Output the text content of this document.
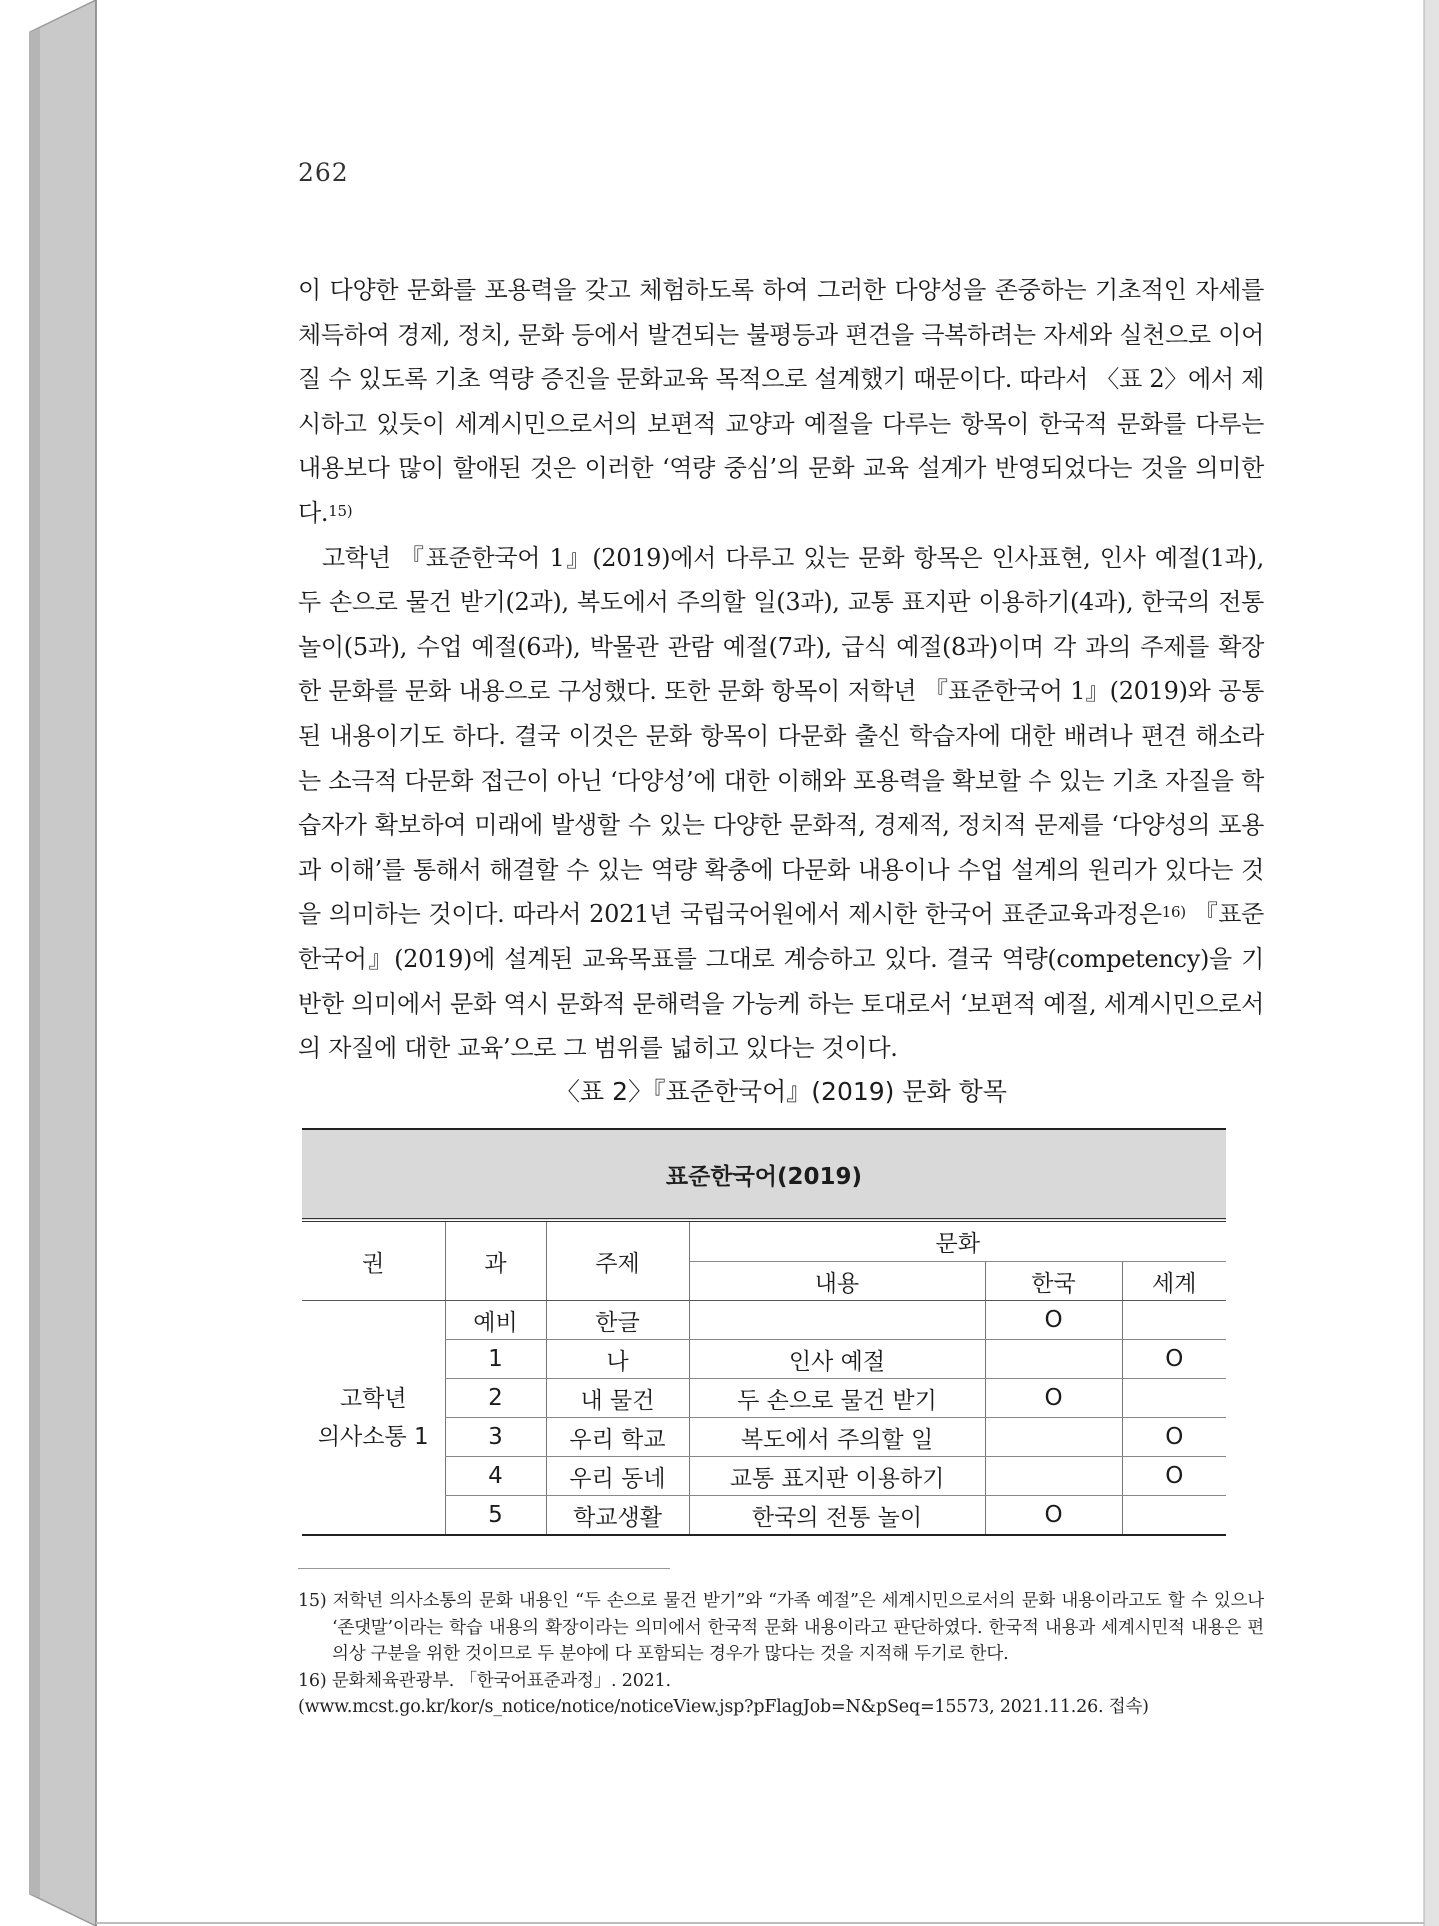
262

이 다양한 문화를 포용력을 갖고 체험하도록 하여 그러한 다양성을 존중하는 기초적인 자세를 체득하여 경제, 정치, 문화 등에서 발견되는 불평등과 편견을 극복하려는 자세와 실천으로 이어질 수 있도록 기초 역량 증진을 문화교육 목적으로 설계했기 때문이다. 따라서 〈표 2〉에서 제시하고 있듯이 세계시민으로서의 보편적 교양과 예절을 다루는 항목이 한국적 문화를 다루는 내용보다 많이 할애된 것은 이러한 ‘역량 중심’의 문화 교육 설계가 반영되었다는 것을 의미한다.$^{15)}$

고학년 『표준한국어 1』(2019)에서 다루고 있는 문화 항목은 인사표현, 인사 예절(1과), 두 손으로 물건 받기(2과), 복도에서 주의할 일(3과), 교통 표지판 이용하기(4과), 한국의 전통 놀이(5과), 수업 예절(6과), 박물관 관람 예절(7과), 급식 예절(8과)이며 각 과의 주제를 확장한 문화를 문화 내용으로 구성했다. 또한 문화 항목이 저학년 『표준한국어 1』(2019)와 공통된 내용이기도 하다. 결국 이것은 문화 항목이 다문화 출신 학습자에 대한 배려나 편견 해소라는 소극적 다문화 접근이 아닌 ‘다양성’에 대한 이해와 포용력을 확보할 수 있는 기초 자질을 학습자가 확보하여 미래에 발생할 수 있는 다양한 문화적, 경제적, 정치적 문제를 ‘다양성의 포용과 이해’를 통해서 해결할 수 있는 역량 확충에 다문화 내용이나 수업 설계의 원리가 있다는 것을 의미하는 것이다. 따라서 2021년 국립국어원에서 제시한 한국어 표준교육과정은$^{16)}$ 『표준한국어』(2019)에 설계된 교육목표를 그대로 계승하고 있다. 결국 역량(competency)을 기반한 의미에서 문화 역시 문화적 문해력을 가능케 하는 토대로서 ‘보편적 예절, 세계시민으로서의 자질에 대한 교육’으로 그 범위를 넓히고 있다는 것이다.

〈표 2〉『표준한국어』(2019) 문화 항목
표준한국어(2019)					
권	과	주제	문화		
			내용	한국	세계
고학년
의사소통 1	예비	한글		O	
	1	나	인사 예절		O
	2	내 물건	두 손으로 물건 받기	O	
	3	우리 학교	복도에서 주의할 일		O
	4	우리 동네	교통 표지판 이용하기		O
	5	학교생활	한국의 전통 놀이	O	
15) 저학년 의사소통의 문화 내용인 “두 손으로 물건 받기”와 “가족 예절”은 세계시민으로서의 문화 내용이라고도 할 수 있으나 ‘존댓말’이라는 학습 내용의 확장이라는 의미에서 한국적 문화 내용이라고 판단하였다. 한국적 내용과 세계시민적 내용은 편의상 구분을 위한 것이므로 두 분야에 다 포함되는 경우가 많다는 것을 지적해 두기로 한다.
16) 문화체육관광부. 「한국어표준과정」. 2021.
(www.mcst.go.kr/kor/s_notice/notice/noticeView.jsp?pFlagJob=N&pSeq=15573, 2021.11.26. 접속)
